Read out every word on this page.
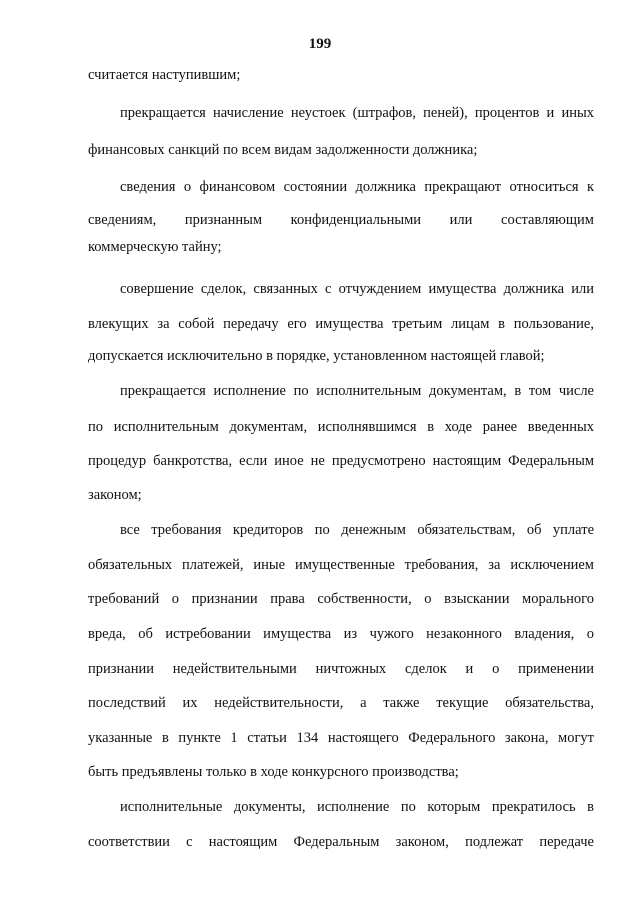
199
считается наступившим;
прекращается начисление неустоек (штрафов, пеней), процентов и иных
финансовых санкций по всем видам задолженности должника;
сведения о финансовом состоянии должника прекращают относиться к
сведениям, признанным конфиденциальными или составляющим
коммерческую тайну;
совершение сделок, связанных с отчуждением имущества должника или
влекущих за собой передачу его имущества третьим лицам в пользование,
допускается исключительно в порядке, установленном настоящей главой;
прекращается исполнение по исполнительным документам, в том числе
по исполнительным документам, исполнявшимся в ходе ранее введенных
процедур банкротства, если иное не предусмотрено настоящим Федеральным
законом;
все требования кредиторов по денежным обязательствам, об уплате
обязательных платежей, иные имущественные требования, за исключением
требований о признании права собственности, о взыскании морального
вреда, об истребовании имущества из чужого незаконного владения, о
признании недействительными ничтожных сделок и о применении
последствий их недействительности, а также текущие обязательства,
указанные в пункте 1 статьи 134 настоящего Федерального закона, могут
быть предъявлены только в ходе конкурсного производства;
исполнительные документы, исполнение по которым прекратилось в
соответствии с настоящим Федеральным законом, подлежат передаче
